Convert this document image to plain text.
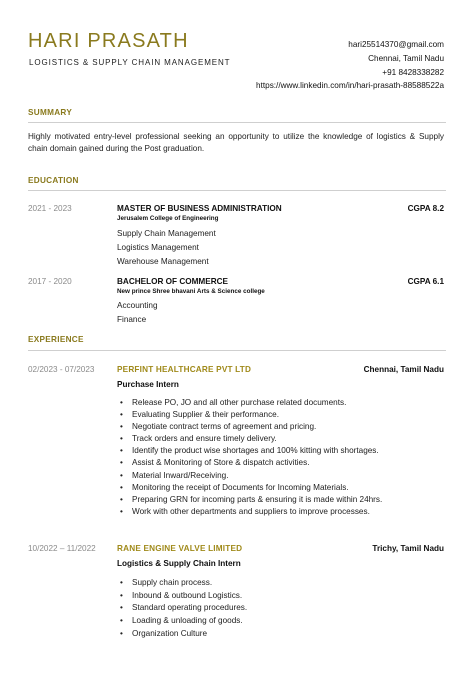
HARI PRASATH
LOGISTICS & SUPPLY CHAIN MANAGEMENT
hari25514370@gmail.com
Chennai, Tamil Nadu
+91 8428338282
https://www.linkedin.com/in/hari-prasath-88588522a
SUMMARY
Highly motivated entry-level professional seeking an opportunity to utilize the knowledge of logistics & Supply chain domain gained during the Post graduation.
EDUCATION
2021 - 2023	MASTER OF BUSINESS ADMINISTRATION	CGPA 8.2
Jerusalem College of Engineering
Supply Chain Management
Logistics Management
Warehouse Management
2017 - 2020	BACHELOR OF COMMERCE	CGPA 6.1
New prince Shree bhavani Arts & Science college
Accounting
Finance
EXPERIENCE
02/2023 - 07/2023	PERFINT HEALTHCARE PVT LTD	Chennai, Tamil Nadu
Purchase Intern
• Release PO, JO and all other purchase related documents.
• Evaluating Supplier & their performance.
• Negotiate contract terms of agreement and pricing.
• Track orders and ensure timely delivery.
• Identify the product wise shortages and 100% kitting with shortages.
• Assist & Monitoring of Store & dispatch activities.
• Material Inward/Receiving.
• Monitoring the receipt of Documents for Incoming Materials.
• Preparing GRN for incoming parts & ensuring it is made within 24hrs.
• Work with other departments and suppliers to improve processes.
10/2022 – 11/2022	RANE ENGINE VALVE LIMITED	Trichy, Tamil Nadu
Logistics & Supply Chain Intern
• Supply chain process.
• Inbound & outbound Logistics.
• Standard operating procedures.
• Loading & unloading of goods.
• Organization Culture
